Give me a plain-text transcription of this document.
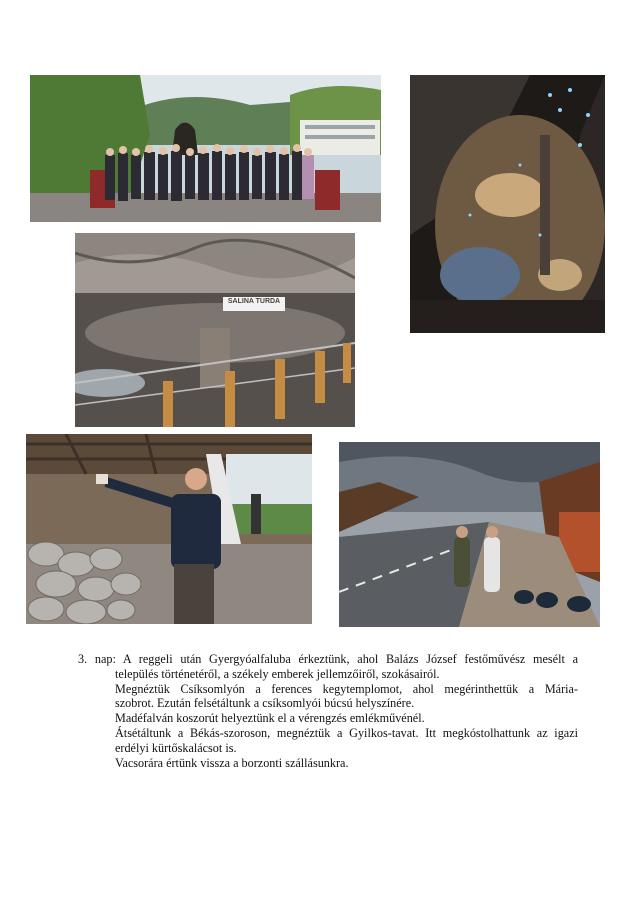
SALINA TURDA
3. nap: A reggeli után Gyergyóalfaluba érkeztünk, ahol Balázs József festőművész mesélt a
település történetéről, a székely emberek jellemzőiről, szokásairól.
Megnéztük Csíksomlyón a ferences kegytemplomot, ahol megérinthettük a Mária-
szobrot. Ezután felsétáltunk a csíksomlyói búcsú helyszínére.
Madéfalván koszorút helyeztünk el a vérengzés emlékművénél.
Átsétáltunk a Békás-szoroson, megnéztük a Gyilkos-tavat. Itt megkóstolhattunk az igazi
erdélyi kürtőskalácsot is.
Vacsorára értünk vissza a borzonti szállásunkra.
